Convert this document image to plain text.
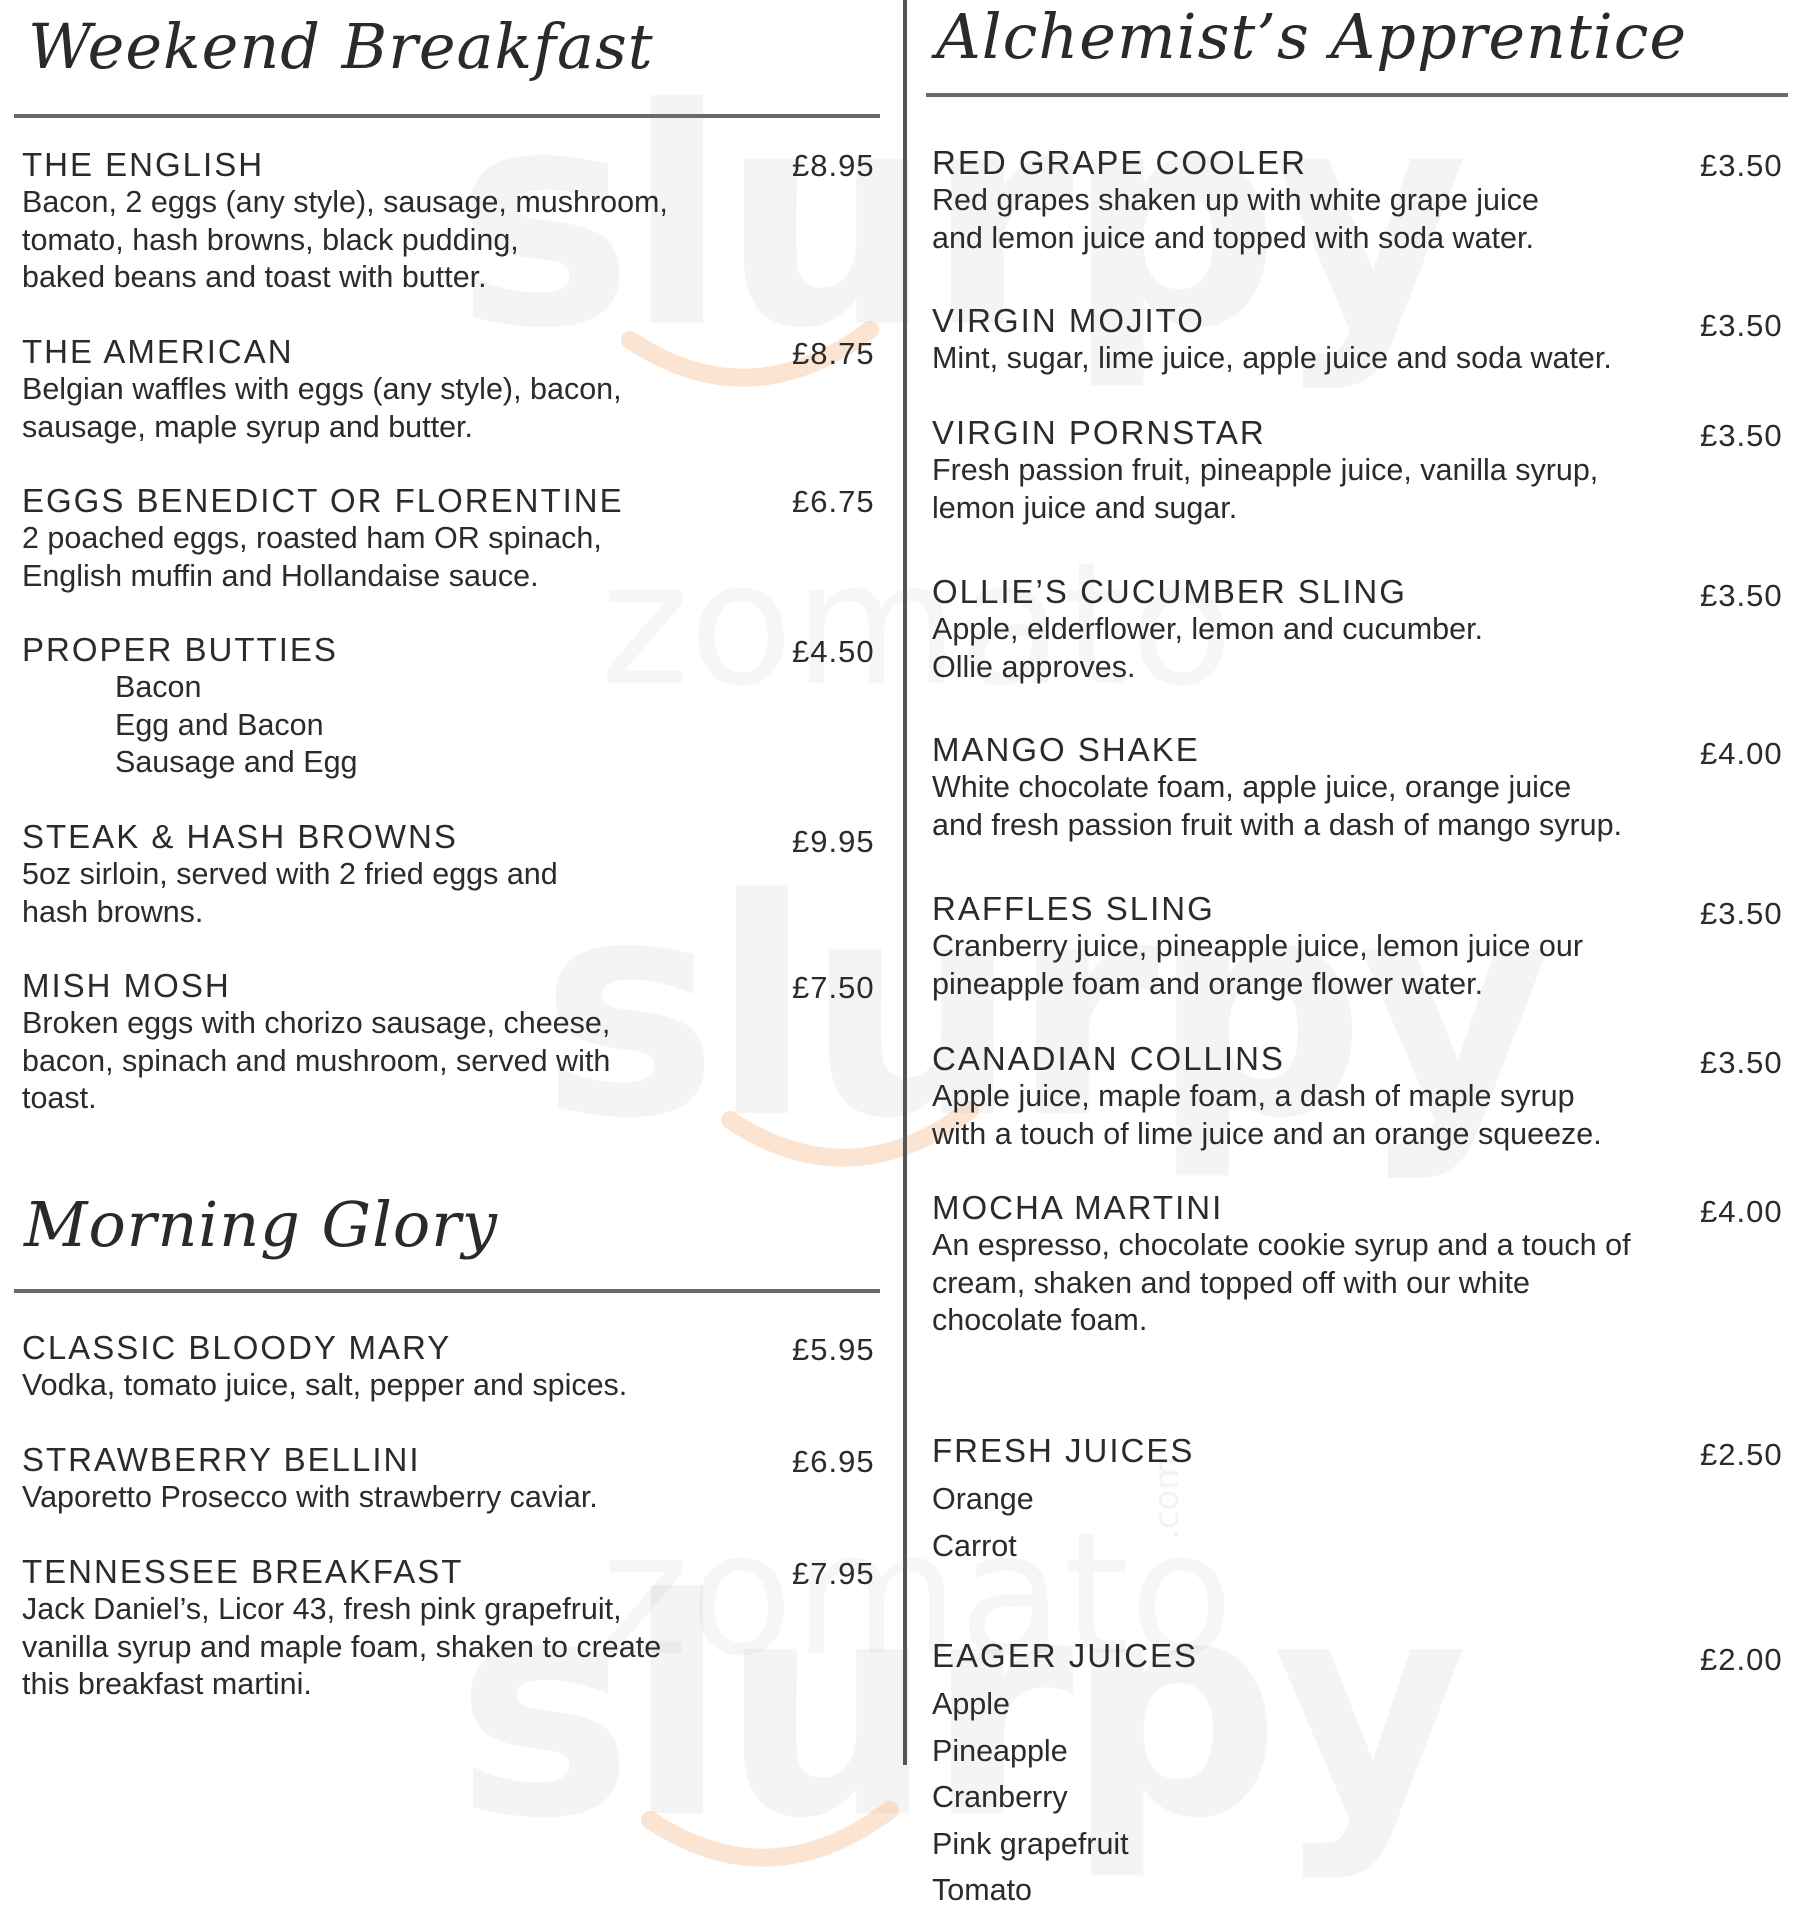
Weekend Breakfast
THE ENGLISH
Bacon, 2 eggs (any style), sausage, mushroom,
tomato, hash browns, black pudding,
baked beans and toast with butter.
£8.95
THE AMERICAN
Belgian waffles with eggs (any style), bacon,
sausage, maple syrup and butter.
£8.75
EGGS BENEDICT OR FLORENTINE
2 poached eggs, roasted ham OR spinach,
English muffin and Hollandaise sauce.
£6.75
PROPER BUTTIES
Bacon
Egg and Bacon
Sausage and Egg
£4.50
STEAK & HASH BROWNS
5oz sirloin, served with 2 fried eggs and
hash browns.
£9.95
MISH MOSH
Broken eggs with chorizo sausage, cheese,
bacon, spinach and mushroom, served with
toast.
£7.50
Morning Glory
CLASSIC BLOODY MARY
Vodka, tomato juice, salt, pepper and spices.
£5.95
STRAWBERRY BELLINI
Vaporetto Prosecco with strawberry caviar.
£6.95
TENNESSEE BREAKFAST
Jack Daniel’s, Licor 43, fresh pink grapefruit,
vanilla syrup and maple foam, shaken to create
this breakfast martini.
£7.95
Alchemist’s Apprentice
RED GRAPE COOLER
Red grapes shaken up with white grape juice
and lemon juice and topped with soda water.
£3.50
VIRGIN MOJITO
Mint, sugar, lime juice, apple juice and soda water.
£3.50
VIRGIN PORNSTAR
Fresh passion fruit, pineapple juice, vanilla syrup,
lemon juice and sugar.
£3.50
OLLIE’S CUCUMBER SLING
Apple, elderflower, lemon and cucumber.
Ollie approves.
£3.50
MANGO SHAKE
White chocolate foam, apple juice, orange juice
and fresh passion fruit with a dash of mango syrup.
£4.00
RAFFLES SLING
Cranberry juice, pineapple juice, lemon juice our
pineapple foam and orange flower water.
£3.50
CANADIAN COLLINS
Apple juice, maple foam, a dash of maple syrup
with a touch of lime juice and an orange squeeze.
£3.50
MOCHA MARTINI
An espresso, chocolate cookie syrup and a touch of
cream, shaken and topped off with our white
chocolate foam.
£4.00
FRESH JUICES
Orange
Carrot
£2.50
EAGER JUICES
Apple
Pineapple
Cranberry
Pink grapefruit
Tomato
£2.00
.com
